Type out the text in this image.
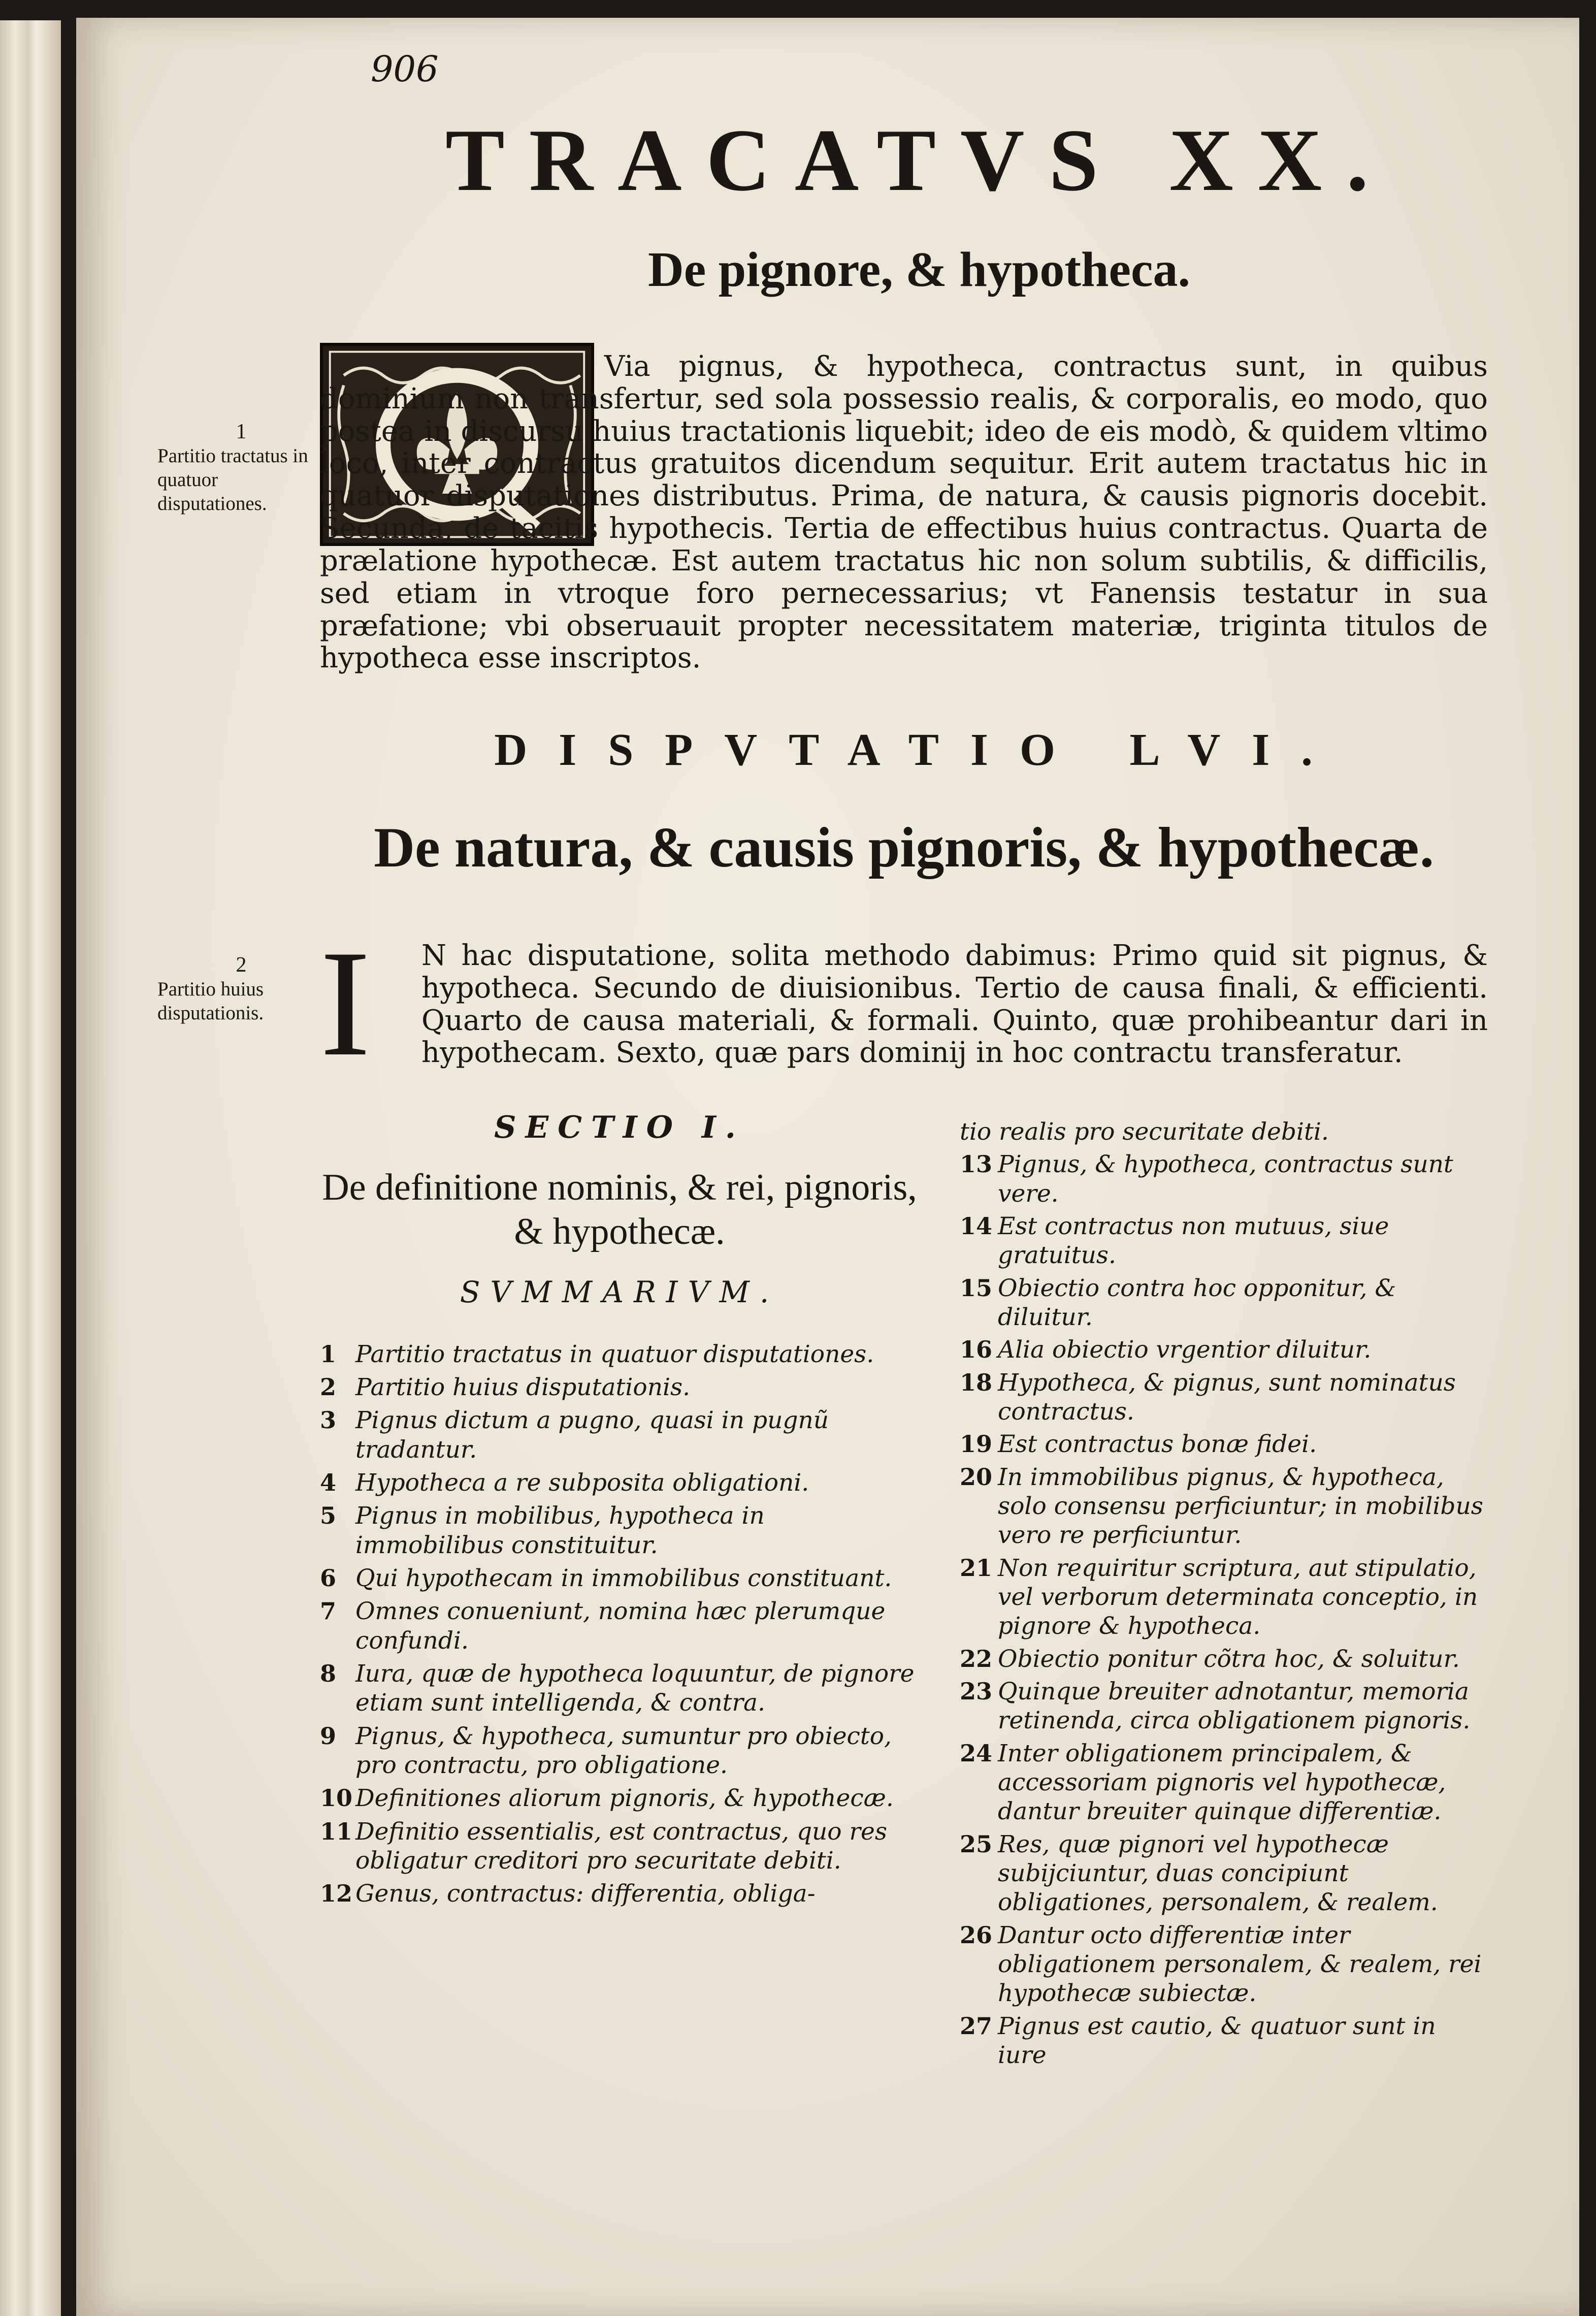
906

TRACATVS XX.
De pignore, & hypotheca.

Via pignus, & hypotheca, contractus sunt, in quibus dominium non transfertur, sed sola possessio realis, & corporalis, eo modo, quo postea in discursu huius tractationis liquebit; ideo de eis modò, & quidem vltimo loco, inter contractus gratuitos dicendum sequitur. Erit autem tractatus hic in quatuor disputationes distributus. Prima, de natura, & causis pignoris docebit. Secunda, de tacitis hypothecis. Tertia de effectibus huius contractus. Quarta de prælatione hypothecæ. Est autem tractatus hic non solum subtilis, & difficilis, sed etiam in vtroque foro pernecessarius; vt Fanensis testatur in sua præfatione; vbi obseruauit propter necessitatem materiæ, triginta titulos de hypotheca esse inscriptos.

1
Partitio tractatus in quatuor disputationes.
DISPVTATIO LVI.
De natura, & causis pignoris, & hypothecæ.
2
Partitio huius disputationis. I	N hac disputatione, solita methodo dabimus: Primo quid sit pignus, & hypotheca. Secundo de diuisionibus. Tertio de causa finali, & efficienti. Quarto de causa materiali, & formali. Quinto, quæ prohibeantur dari in hypothecam. Sexto, quæ pars dominij in hoc contractu transferatur.

SECTIO I.

De definitione nominis, & rei, pignoris, & hypothecæ.

SVMMARIVM.

1 Partitio tractatus in quatuor disputationes.
2 Partitio huius disputationis.
3 Pignus dictum a pugno, quasi in pugnũ tradantur.
4 Hypotheca a re subposita obligationi.
5 Pignus in mobilibus, hypotheca in immobilibus constituitur.
6 Qui hypothecam in immobilibus constituant.
7 Omnes conueniunt, nomina hæc plerumque confundi.
8 Iura, quæ de hypotheca loquuntur, de pignore etiam sunt intelligenda, & contra.
9 Pignus, & hypotheca, sumuntur pro obiecto, pro contractu, pro obligatione.
10 Definitiones aliorum pignoris, & hypothecæ.
11 Definitio essentialis, est contractus, quo res obligatur creditori pro securitate debiti.
12 Genus, contractus: differentia, obliga-
tio realis pro securitate debiti.
13 Pignus, & hypotheca, contractus sunt vere.
14 Est contractus non mutuus, siue gratuitus.
15 Obiectio contra hoc opponitur, & diluitur.
16 Alia obiectio vrgentior diluitur.
18 Hypotheca, & pignus, sunt nominatus contractus.
19 Est contractus bonæ fidei.
20 In immobilibus pignus, & hypotheca, solo consensu perficiuntur; in mobilibus vero re perficiuntur.
21 Non requiritur scriptura, aut stipulatio, vel verborum determinata conceptio, in pignore & hypotheca.
22 Obiectio ponitur cõtra hoc, & soluitur.
23 Quinque breuiter adnotantur, memoria retinenda, circa obligationem pignoris.
24 Inter obligationem principalem, & accessoriam pignoris vel hypothecæ, dantur breuiter quinque differentiæ.
25 Res, quæ pignori vel hypothecæ subijciuntur, duas concipiunt obligationes, personalem, & realem.
26 Dantur octo differentiæ inter obligationem personalem, & realem, rei hypothecæ subiectæ.
27 Pignus est cautio, & quatuor sunt in iure
